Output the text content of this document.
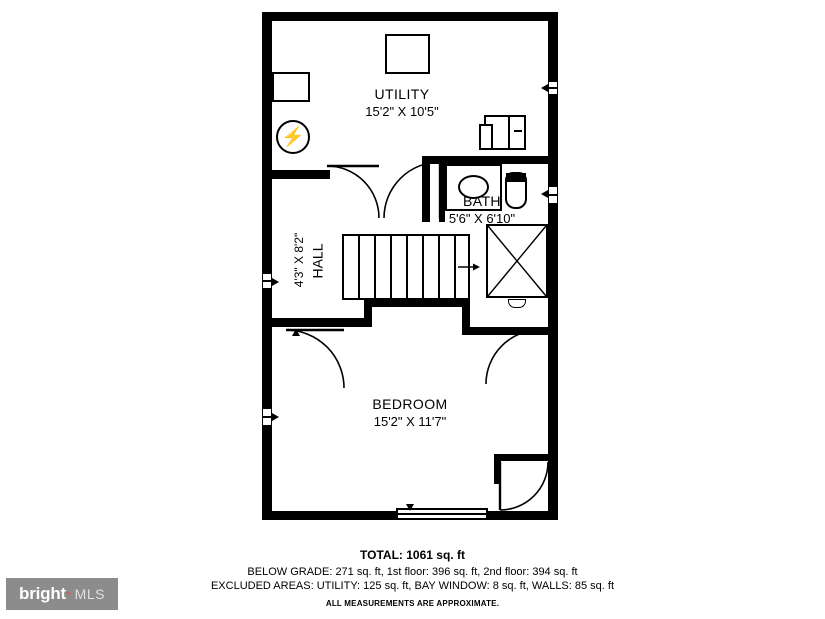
⚡
UTILITY
15'2" X 10'5"
BATH
5'6" X 6'10"
BEDROOM
15'2" X 11'7"
HALL
4'3" X 8'2"
TOTAL: 1061 sq. ft
BELOW GRADE: 271 sq. ft, 1st floor: 396 sq. ft, 2nd floor: 394 sq. ft
EXCLUDED AREAS: UTILITY: 125 sq. ft, BAY WINDOW: 8 sq. ft, WALLS: 85 sq. ft
ALL MEASUREMENTS ARE APPROXIMATE.
bright · MLS
